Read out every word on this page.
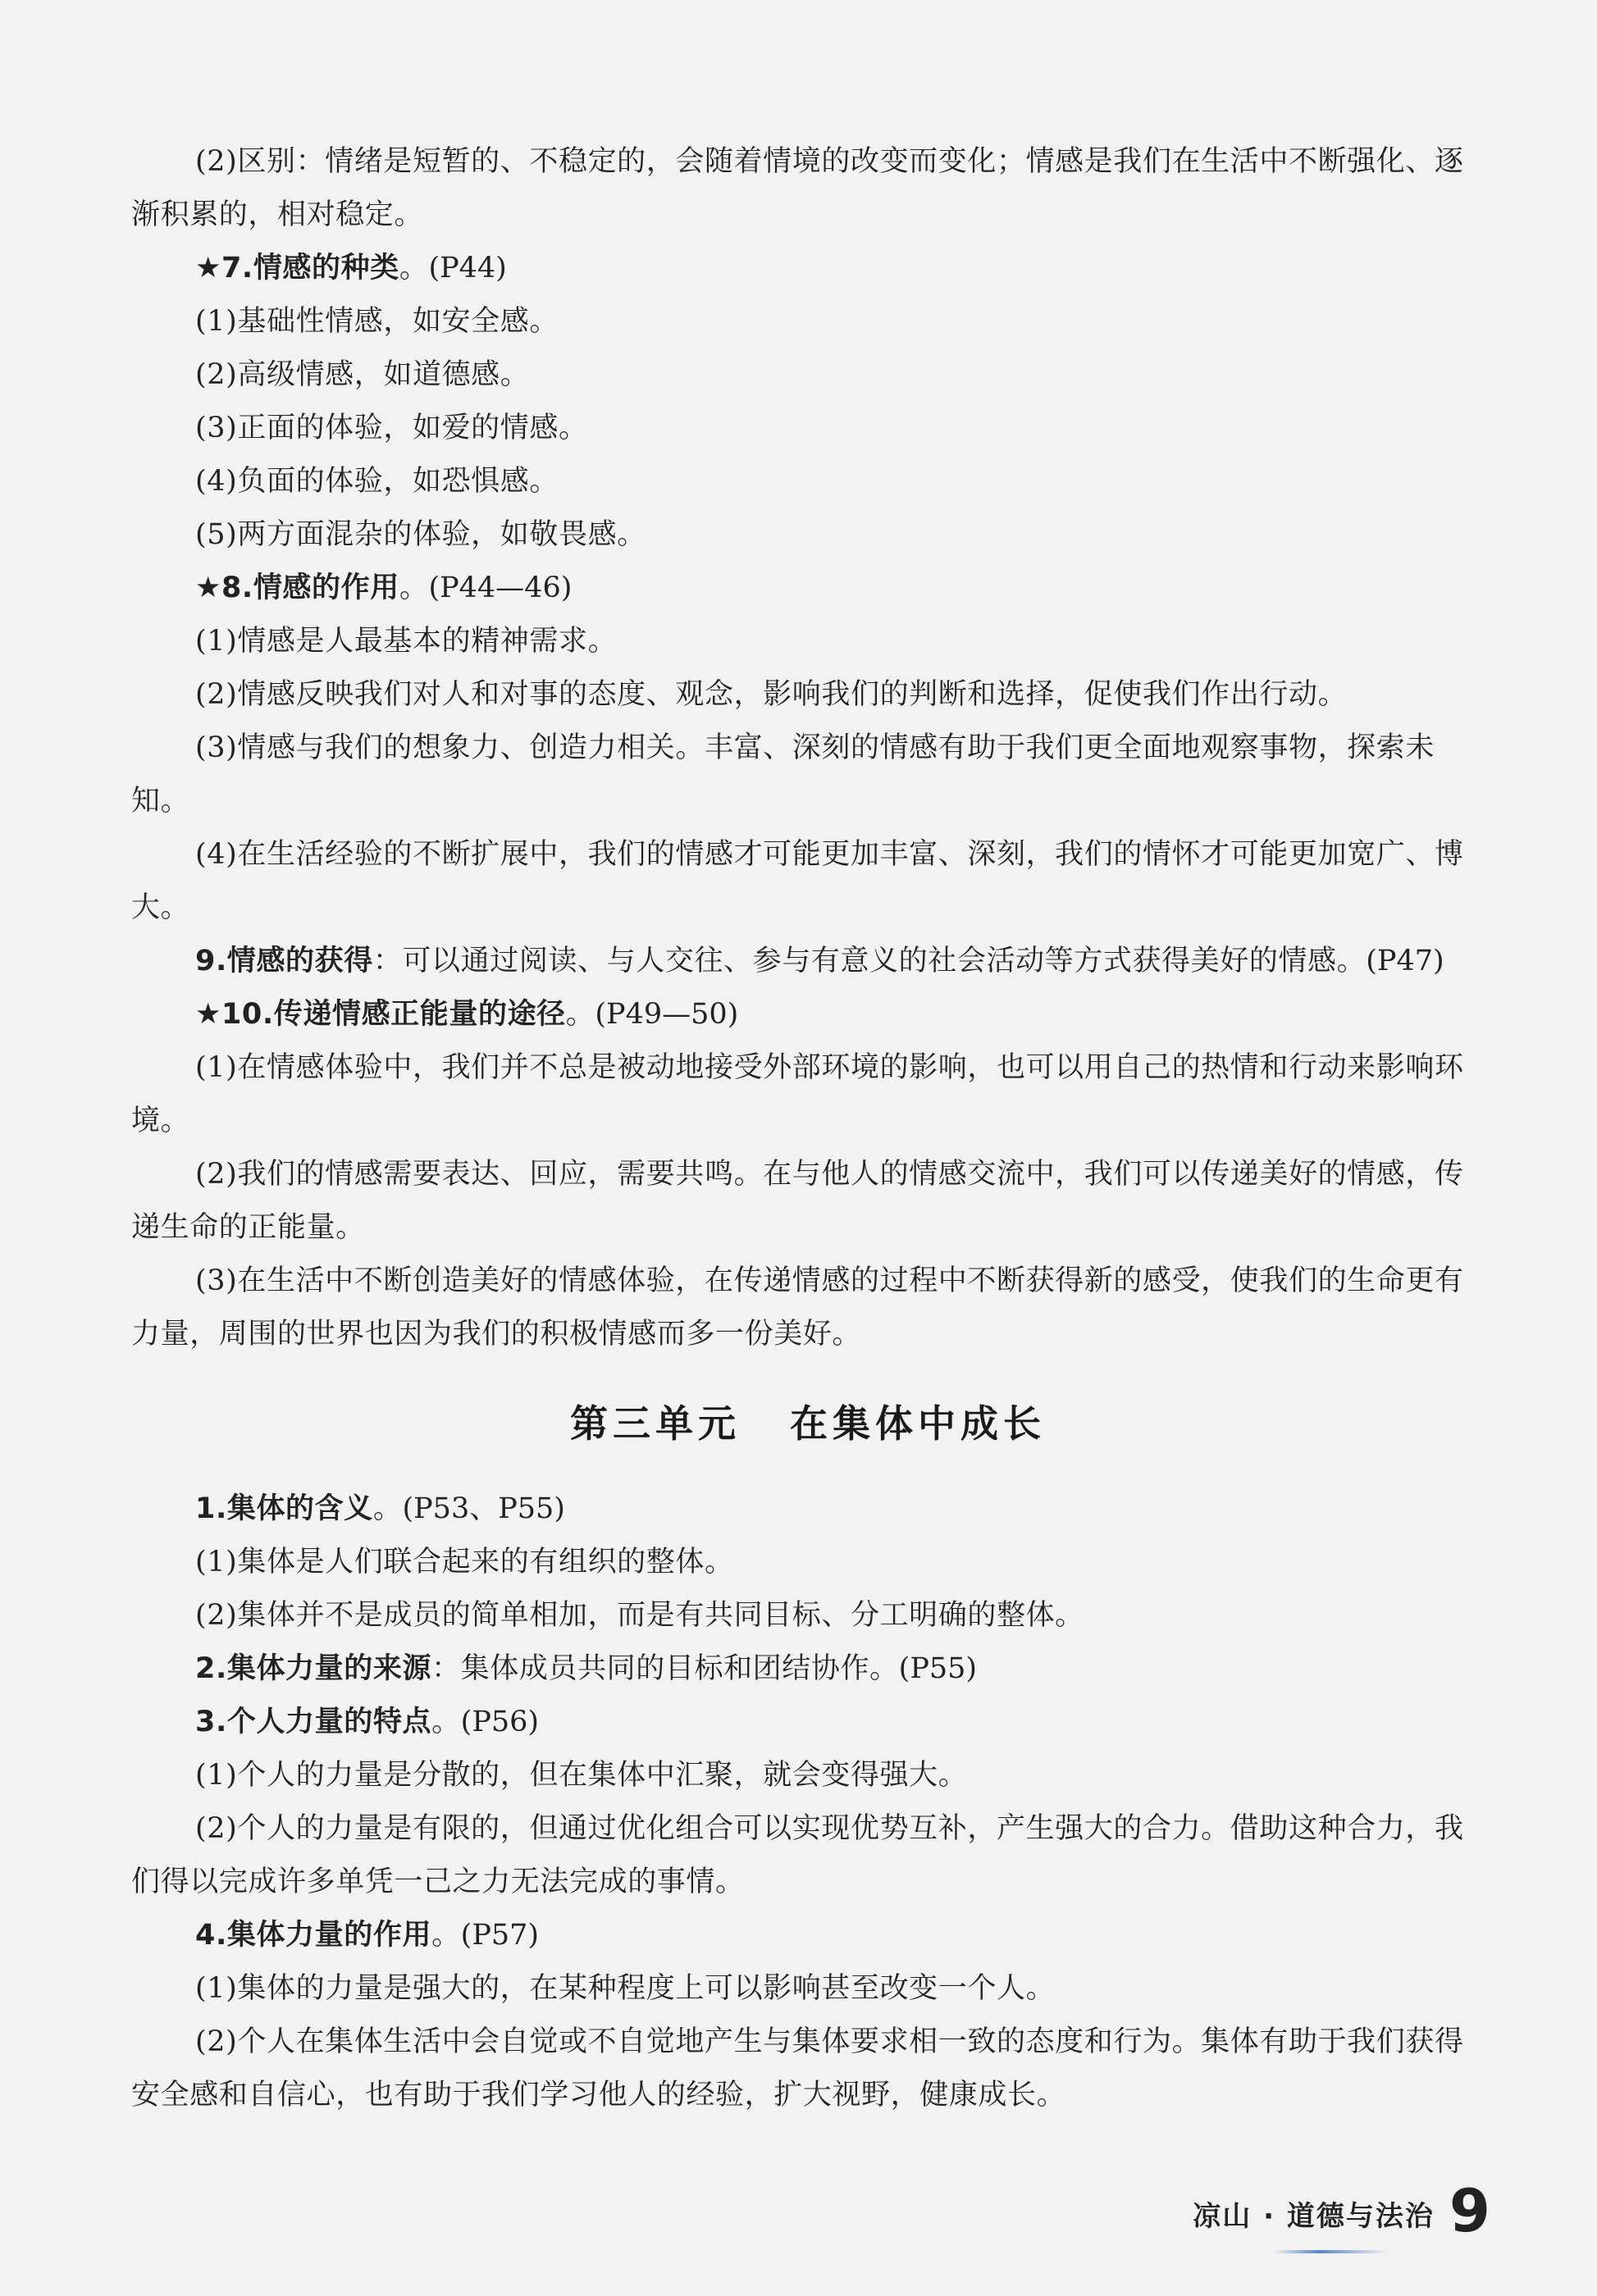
(2)区别：情绪是短暂的、不稳定的，会随着情境的改变而变化；情感是我们在生活中不断强化、逐渐积累的，相对稳定。

★7.情感的种类。(P44)

(1)基础性情感，如安全感。

(2)高级情感，如道德感。

(3)正面的体验，如爱的情感。

(4)负面的体验，如恐惧感。

(5)两方面混杂的体验，如敬畏感。

★8.情感的作用。(P44—46)

(1)情感是人最基本的精神需求。

(2)情感反映我们对人和对事的态度、观念，影响我们的判断和选择，促使我们作出行动。

(3)情感与我们的想象力、创造力相关。丰富、深刻的情感有助于我们更全面地观察事物，探索未知。

(4)在生活经验的不断扩展中，我们的情感才可能更加丰富、深刻，我们的情怀才可能更加宽广、博大。

9.情感的获得：可以通过阅读、与人交往、参与有意义的社会活动等方式获得美好的情感。(P47)

★10.传递情感正能量的途径。(P49—50)

(1)在情感体验中，我们并不总是被动地接受外部环境的影响，也可以用自己的热情和行动来影响环境。

(2)我们的情感需要表达、回应，需要共鸣。在与他人的情感交流中，我们可以传递美好的情感，传递生命的正能量。

(3)在生活中不断创造美好的情感体验，在传递情感的过程中不断获得新的感受，使我们的生命更有力量，周围的世界也因为我们的积极情感而多一份美好。

第三单元 在集体中成长

1.集体的含义。(P53、P55)

(1)集体是人们联合起来的有组织的整体。

(2)集体并不是成员的简单相加，而是有共同目标、分工明确的整体。

2.集体力量的来源：集体成员共同的目标和团结协作。(P55)

3.个人力量的特点。(P56)

(1)个人的力量是分散的，但在集体中汇聚，就会变得强大。

(2)个人的力量是有限的，但通过优化组合可以实现优势互补，产生强大的合力。借助这种合力，我们得以完成许多单凭一己之力无法完成的事情。

4.集体力量的作用。(P57)

(1)集体的力量是强大的，在某种程度上可以影响甚至改变一个人。

(2)个人在集体生活中会自觉或不自觉地产生与集体要求相一致的态度和行为。集体有助于我们获得安全感和自信心，也有助于我们学习他人的经验，扩大视野，健康成长。

凉山 · 道德与法治 9
